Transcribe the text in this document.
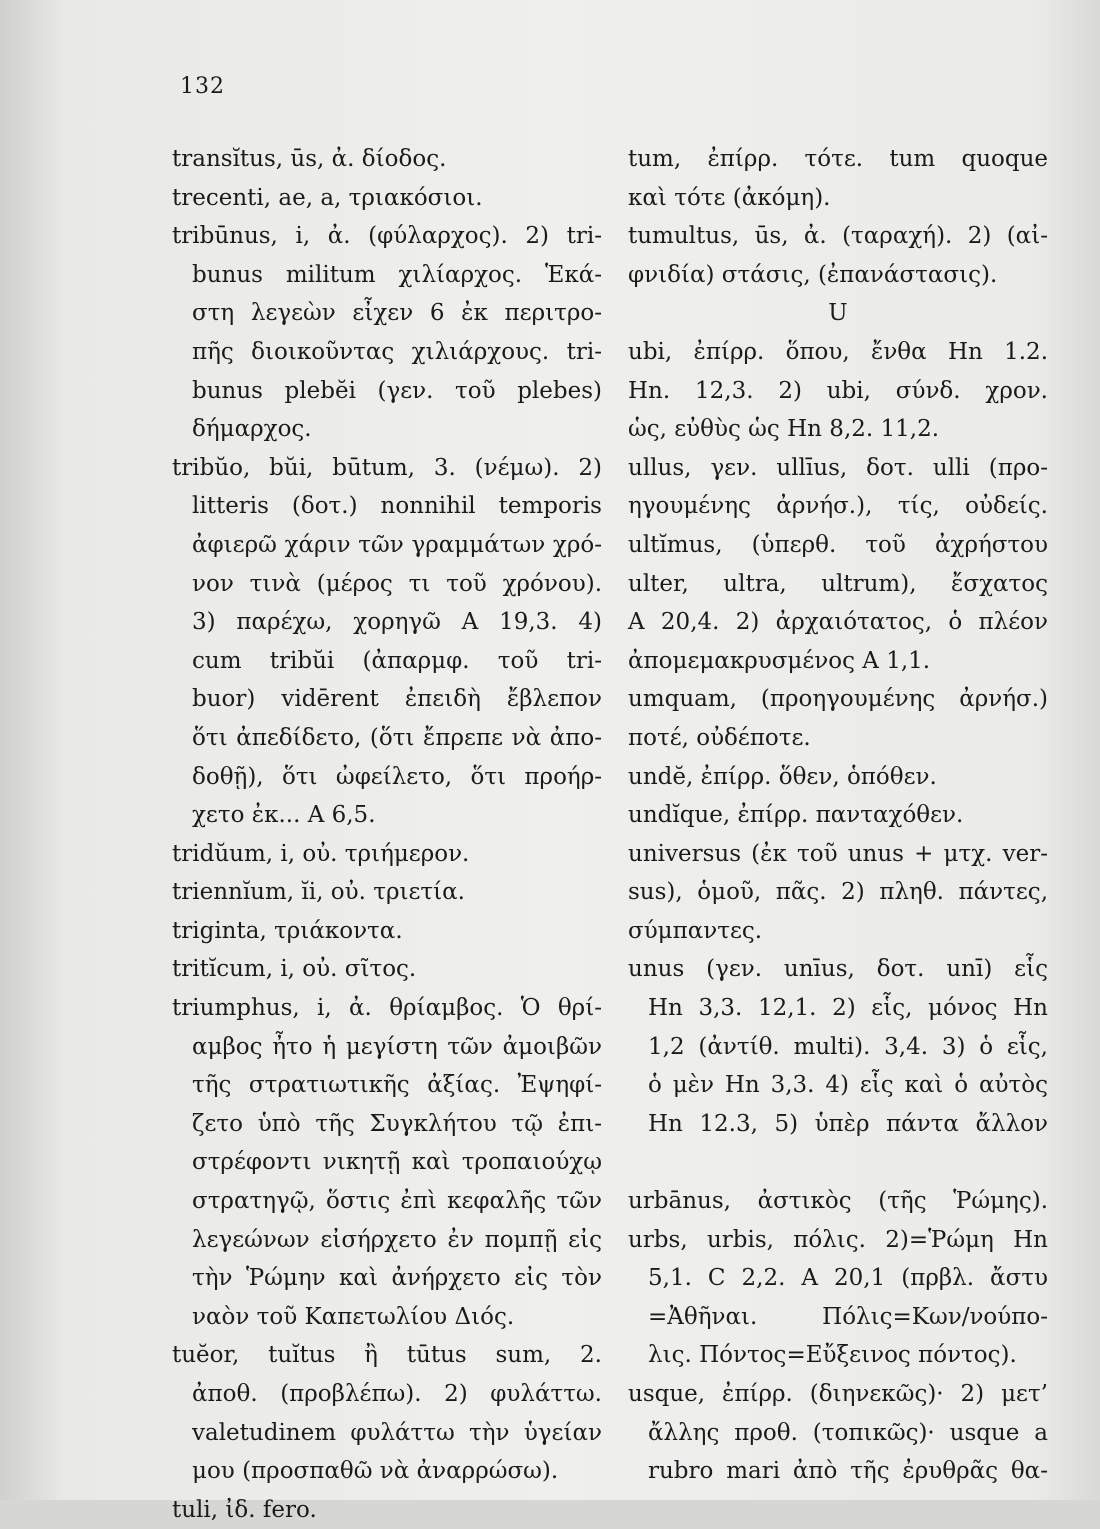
132
transĭtus, ūs, ἀ. δίοδος.
trecenti, ae, a, τριακόσιοι.
tribūnus, i, ἀ. (φύλαρχος). 2) tri-
bunus militum χιλίαρχος. Ἑκά-
στη λεγεὼν εἶχεν 6 ἐκ περιτρο-
πῆς διοικοῦντας χιλιάρχους. tri-
bunus plebĕi (γεν. τοῦ plebes)
δήμαρχος.
tribŭo, bŭi, būtum, 3. (νέμω). 2)
litteris (δοτ.) nonnihil temporis
ἀφιερῶ χάριν τῶν γραμμάτων χρό-
νον τινὰ (μέρος τι τοῦ χρόνου).
3) παρέχω, χορηγῶ A 19,3. 4)
cum tribŭi (ἀπαρμφ. τοῦ tri-
buor) vidērent ἐπειδὴ ἔβλεπον
ὅτι ἀπεδίδετο, (ὅτι ἔπρεπε νὰ ἀπο-
δοθῇ), ὅτι ὠφείλετο, ὅτι προήρ-
χετο ἐκ... A 6,5.
tridŭum, i, οὐ. τριήμερον.
triennĭum, ĭi, οὐ. τριετία.
triginta, τριάκοντα.
tritĭcum, i, οὐ. σῖτος.
triumphus, i, ἀ. θρίαμβος. Ὁ θρί-
αμβος ἦτο ἡ μεγίστη τῶν ἀμοιβῶν
τῆς στρατιωτικῆς ἀξίας. Ἐψηφί-
ζετο ὑπὸ τῆς Συγκλήτου τῷ ἐπι-
στρέφοντι νικητῇ καὶ τροπαιούχῳ
στρατηγῷ, ὅστις ἐπὶ κεφαλῆς τῶν
λεγεώνων εἰσήρχετο ἐν πομπῇ εἰς
τὴν Ῥώμην καὶ ἀνήρχετο εἰς τὸν
ναὸν τοῦ Καπετωλίου Διός.
tuĕor, tuĭtus ἢ tūtus sum, 2.
ἀποθ. (προβλέπω). 2) φυλάττω.
valetudinem φυλάττω τὴν ὑγείαν
μου (προσπαθῶ νὰ ἀναρρώσω).
tuli, ἰδ. fero.
tum, ἐπίρρ. τότε. tum quoque
καὶ τότε (ἀκόμη).
tumultus, ūs, ἀ. (ταραχή). 2) (αἰ-
φνιδία) στάσις, (ἐπανάστασις).
U
ubi, ἐπίρρ. ὅπου, ἔνθα Hn 1.2.
Hn. 12,3. 2) ubi, σύνδ. χρον.
ὡς, εὐθὺς ὡς Hn 8,2. 11,2.
ullus, γεν. ullīus, δοτ. ulli (προ-
ηγουμένης ἀρνήσ.), τίς, οὐδείς.
ultĭmus, (ὑπερθ. τοῦ ἀχρήστου
ulter, ultra, ultrum), ἔσχατος
A 20,4. 2) ἀρχαιότατος, ὁ πλέον
ἀπομεμακρυσμένος A 1,1.
umquam, (προηγουμένης ἀρνήσ.)
ποτέ, οὐδέποτε.
undĕ, ἐπίρρ. ὅθεν, ὁπόθεν.
undĭque, ἐπίρρ. πανταχόθεν.
universus (ἐκ τοῦ unus + μτχ. ver-
sus), ὁμοῦ, πᾶς. 2) πληθ. πάντες,
σύμπαντες.
unus (γεν. unīus, δοτ. unī) εἷς
Hn 3,3. 12,1. 2) εἷς, μόνος Hn
1,2 (ἀντίθ. multi). 3,4. 3) ὁ εἷς,
ὁ μὲν Hn 3,3. 4) εἷς καὶ ὁ αὐτὸς
Hn 12.3, 5) ὑπὲρ πάντα ἄλλον
urbānus, ἀστικὸς (τῆς Ῥώμης).
urbs, urbis, πόλις. 2)=Ῥώμη Hn
5,1. C 2,2. A 20,1 (πρβλ. ἄστυ
=Ἀθῆναι. Πόλις=Κων/νούπο-
λις. Πόντος=Εὔξεινος πόντος).
usque, ἐπίρρ. (διηνεκῶς)· 2) μετ’
ἄλλης προθ. (τοπικῶς)· usque a
rubro mari ἀπὸ τῆς ἐρυθρᾶς θα-
